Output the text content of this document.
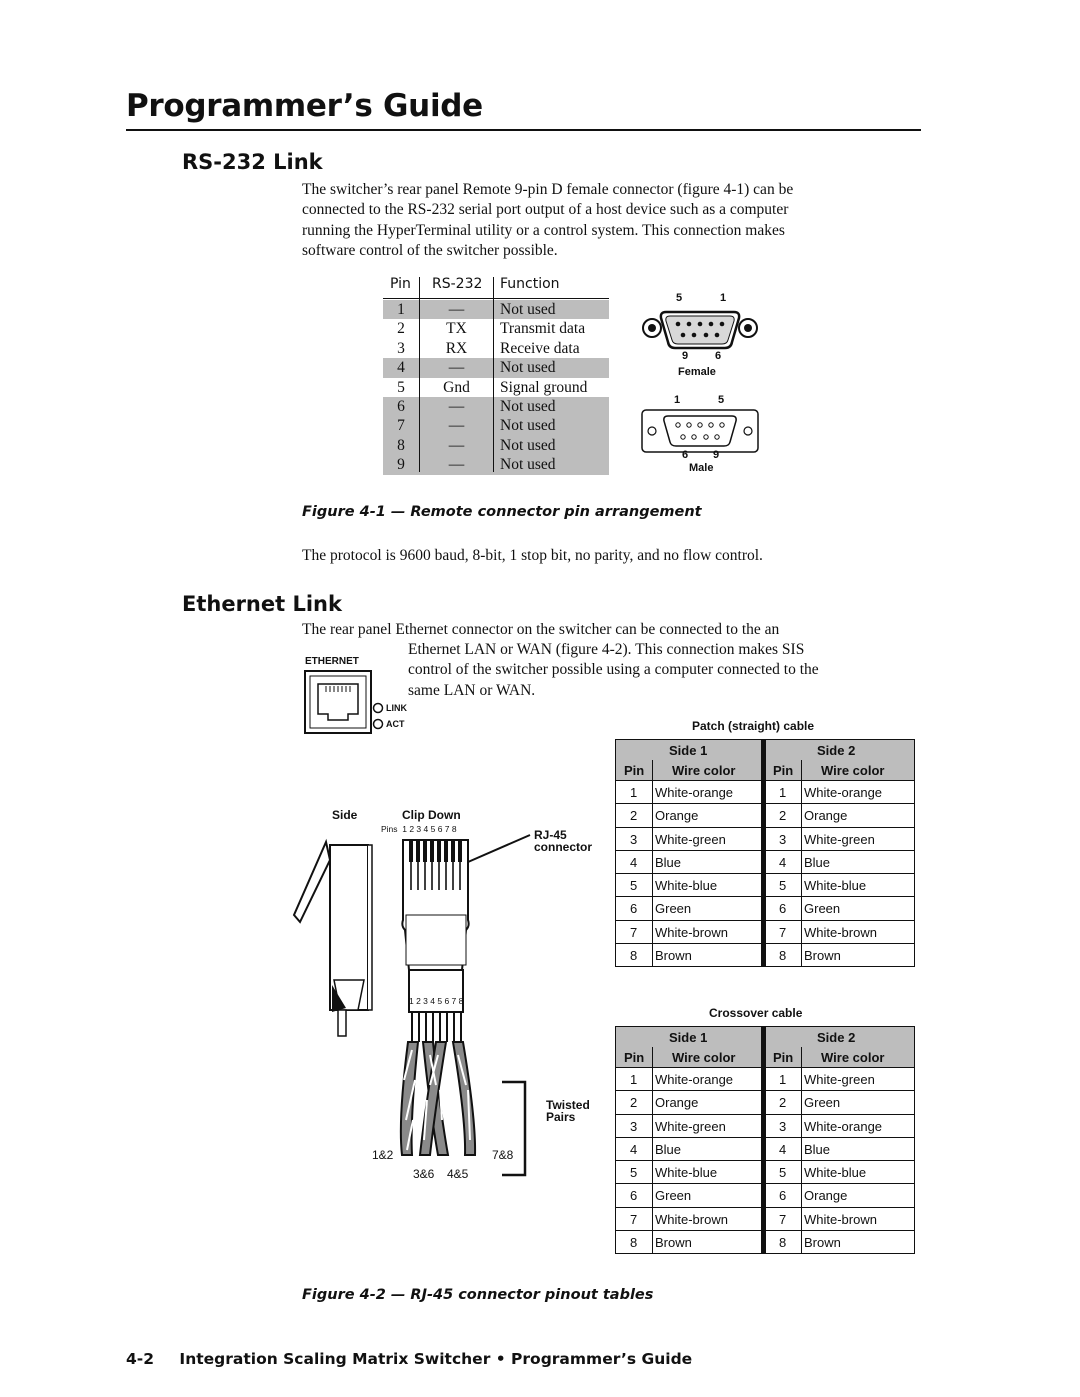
Programmer’s Guide
RS-232 Link
The switcher’s rear panel Remote 9-pin D female connector (figure 4-1) can be
connected to the RS-232 serial port output of a host device such as a computer
running the HyperTerminal utility or a control system. This connection makes
software control of the switcher possible.
Pin RS-232 Function
1	—	Not used
2	TX	Transmit data
3	RX	Receive data
4	—	Not used
5	Gnd	Signal ground
6	—	Not used
7	—	Not used
8	—	Not used
9	—	Not used
5	1
9 6
Female
1	5
6 9
Male
Figure 4-1 — Remote connector pin arrangement
The protocol is 9600 baud, 8-bit, 1 stop bit, no parity, and no flow control.
Ethernet Link
The rear panel Ethernet connector on the switcher can be connected to the an
Ethernet LAN or WAN (figure 4-2). This connection makes SIS
control of the switcher possible using a computer connected to the
same LAN or WAN.
ETHERNET
LINK
ACT
Side	Clip Down
Pins  1 2 3 4 5 6 7 8
1 2 3 4 5 6 7 8
RJ-45
connector
Twisted
Pairs
1&2	7&8
3&6 4&5
Patch (straight) cable
Side 1	Side 2
Pin Wire color	Pin Wire color
1 White-orange	1 White-orange
2 Orange	2 Orange
3 White-green	3 White-green
4 Blue	4 Blue
5 White-blue	5 White-blue
6 Green	6 Green
7 White-brown	7 White-brown
8 Brown	8 Brown
Crossover cable
Side 1	Side 2
Pin Wire color	Pin Wire color
1 White-orange	1 White-green
2 Orange	2 Green
3 White-green	3 White-orange
4 Blue	4 Blue
5 White-blue	5 White-blue
6 Green	6 Orange
7 White-brown	7 White-brown
8 Brown	8 Brown
Figure 4-2 — RJ-45 connector pinout tables
4-2 Integration Scaling Matrix Switcher • Programmer’s Guide
